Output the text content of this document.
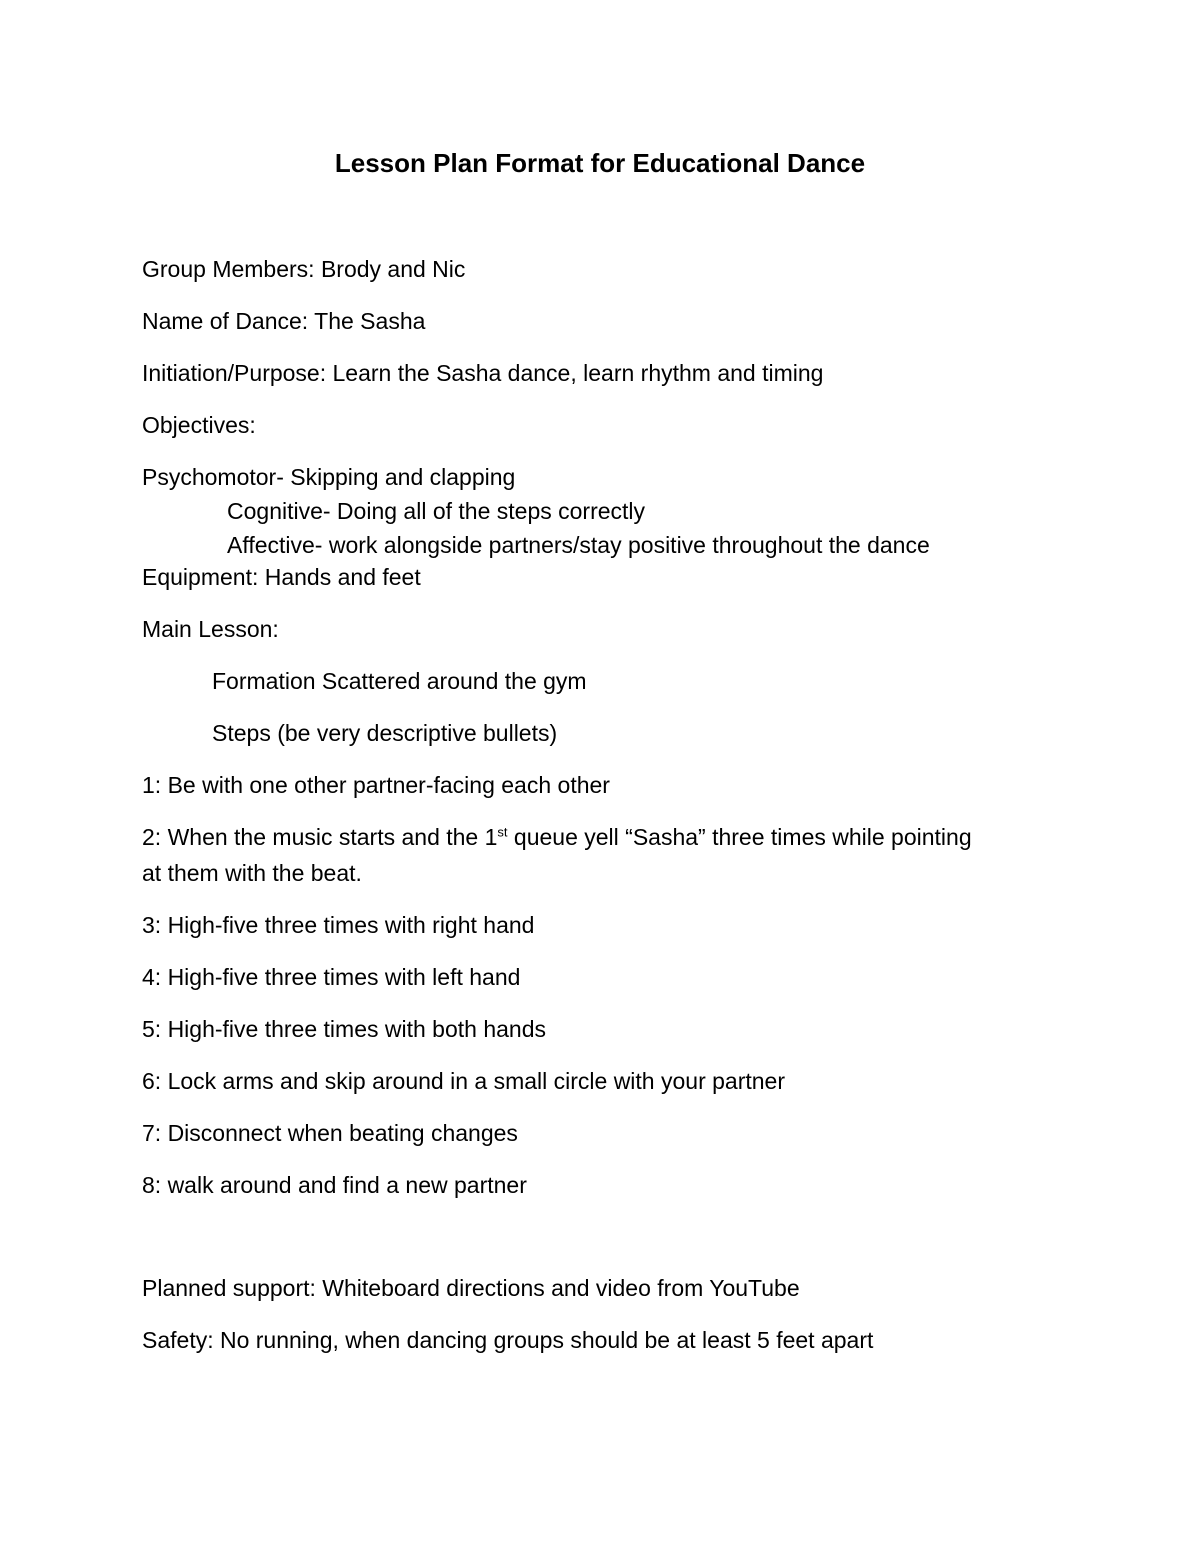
Lesson Plan Format for Educational Dance

Group Members: Brody and Nic

Name of Dance: The Sasha

Initiation/Purpose: Learn the Sasha dance, learn rhythm and timing

Objectives:

Psychomotor- Skipping and clapping

Cognitive- Doing all of the steps correctly

Affective- work alongside partners/stay positive throughout the dance

Equipment: Hands and feet

Main Lesson:

Formation Scattered around the gym

Steps (be very descriptive bullets)

1: Be with one other partner-facing each other

2: When the music starts and the 1st queue yell “Sasha” three times while pointing

at them with the beat.

3: High-five three times with right hand

4: High-five three times with left hand

5: High-five three times with both hands

6: Lock arms and skip around in a small circle with your partner

7: Disconnect when beating changes

8: walk around and find a new partner

Planned support: Whiteboard directions and video from YouTube

Safety: No running, when dancing groups should be at least 5 feet apart
